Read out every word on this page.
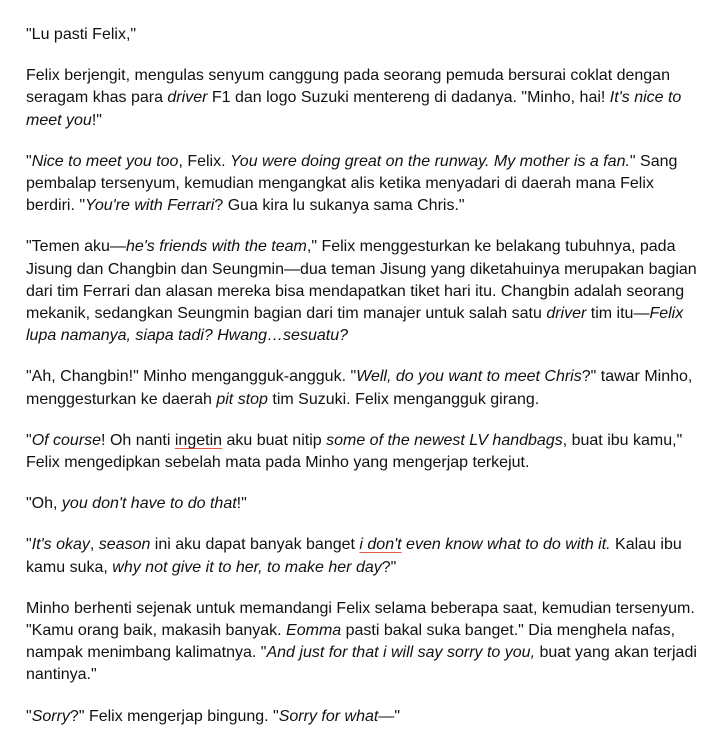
"Lu pasti Felix,"

Felix berjengit, mengulas senyum canggung pada seorang pemuda bersurai coklat dengan
seragam khas para driver F1 dan logo Suzuki mentereng di dadanya. "Minho, hai! It's nice to
meet you!"

"Nice to meet you too, Felix. You were doing great on the runway. My mother is a fan." Sang
pembalap tersenyum, kemudian mengangkat alis ketika menyadari di daerah mana Felix
berdiri. "You're with Ferrari? Gua kira lu sukanya sama Chris."

"Temen aku—he's friends with the team," Felix menggesturkan ke belakang tubuhnya, pada
Jisung dan Changbin dan Seungmin—dua teman Jisung yang diketahuinya merupakan bagian
dari tim Ferrari dan alasan mereka bisa mendapatkan tiket hari itu. Changbin adalah seorang
mekanik, sedangkan Seungmin bagian dari tim manajer untuk salah satu driver tim itu—Felix
lupa namanya, siapa tadi? Hwang…sesuatu?

"Ah, Changbin!" Minho mengangguk-angguk. "Well, do you want to meet Chris?" tawar Minho,
menggesturkan ke daerah pit stop tim Suzuki. Felix mengangguk girang.

"Of course! Oh nanti ingetin aku buat nitip some of the newest LV handbags, buat ibu kamu,"
Felix mengedipkan sebelah mata pada Minho yang mengerjap terkejut.

"Oh, you don't have to do that!"

"It's okay, season ini aku dapat banyak banget i don't even know what to do with it. Kalau ibu
kamu suka, why not give it to her, to make her day?"

Minho berhenti sejenak untuk memandangi Felix selama beberapa saat, kemudian tersenyum.
"Kamu orang baik, makasih banyak. Eomma pasti bakal suka banget." Dia menghela nafas,
nampak menimbang kalimatnya. "And just for that i will say sorry to you, buat yang akan terjadi
nantinya."

"Sorry?" Felix mengerjap bingung. "Sorry for what—"
